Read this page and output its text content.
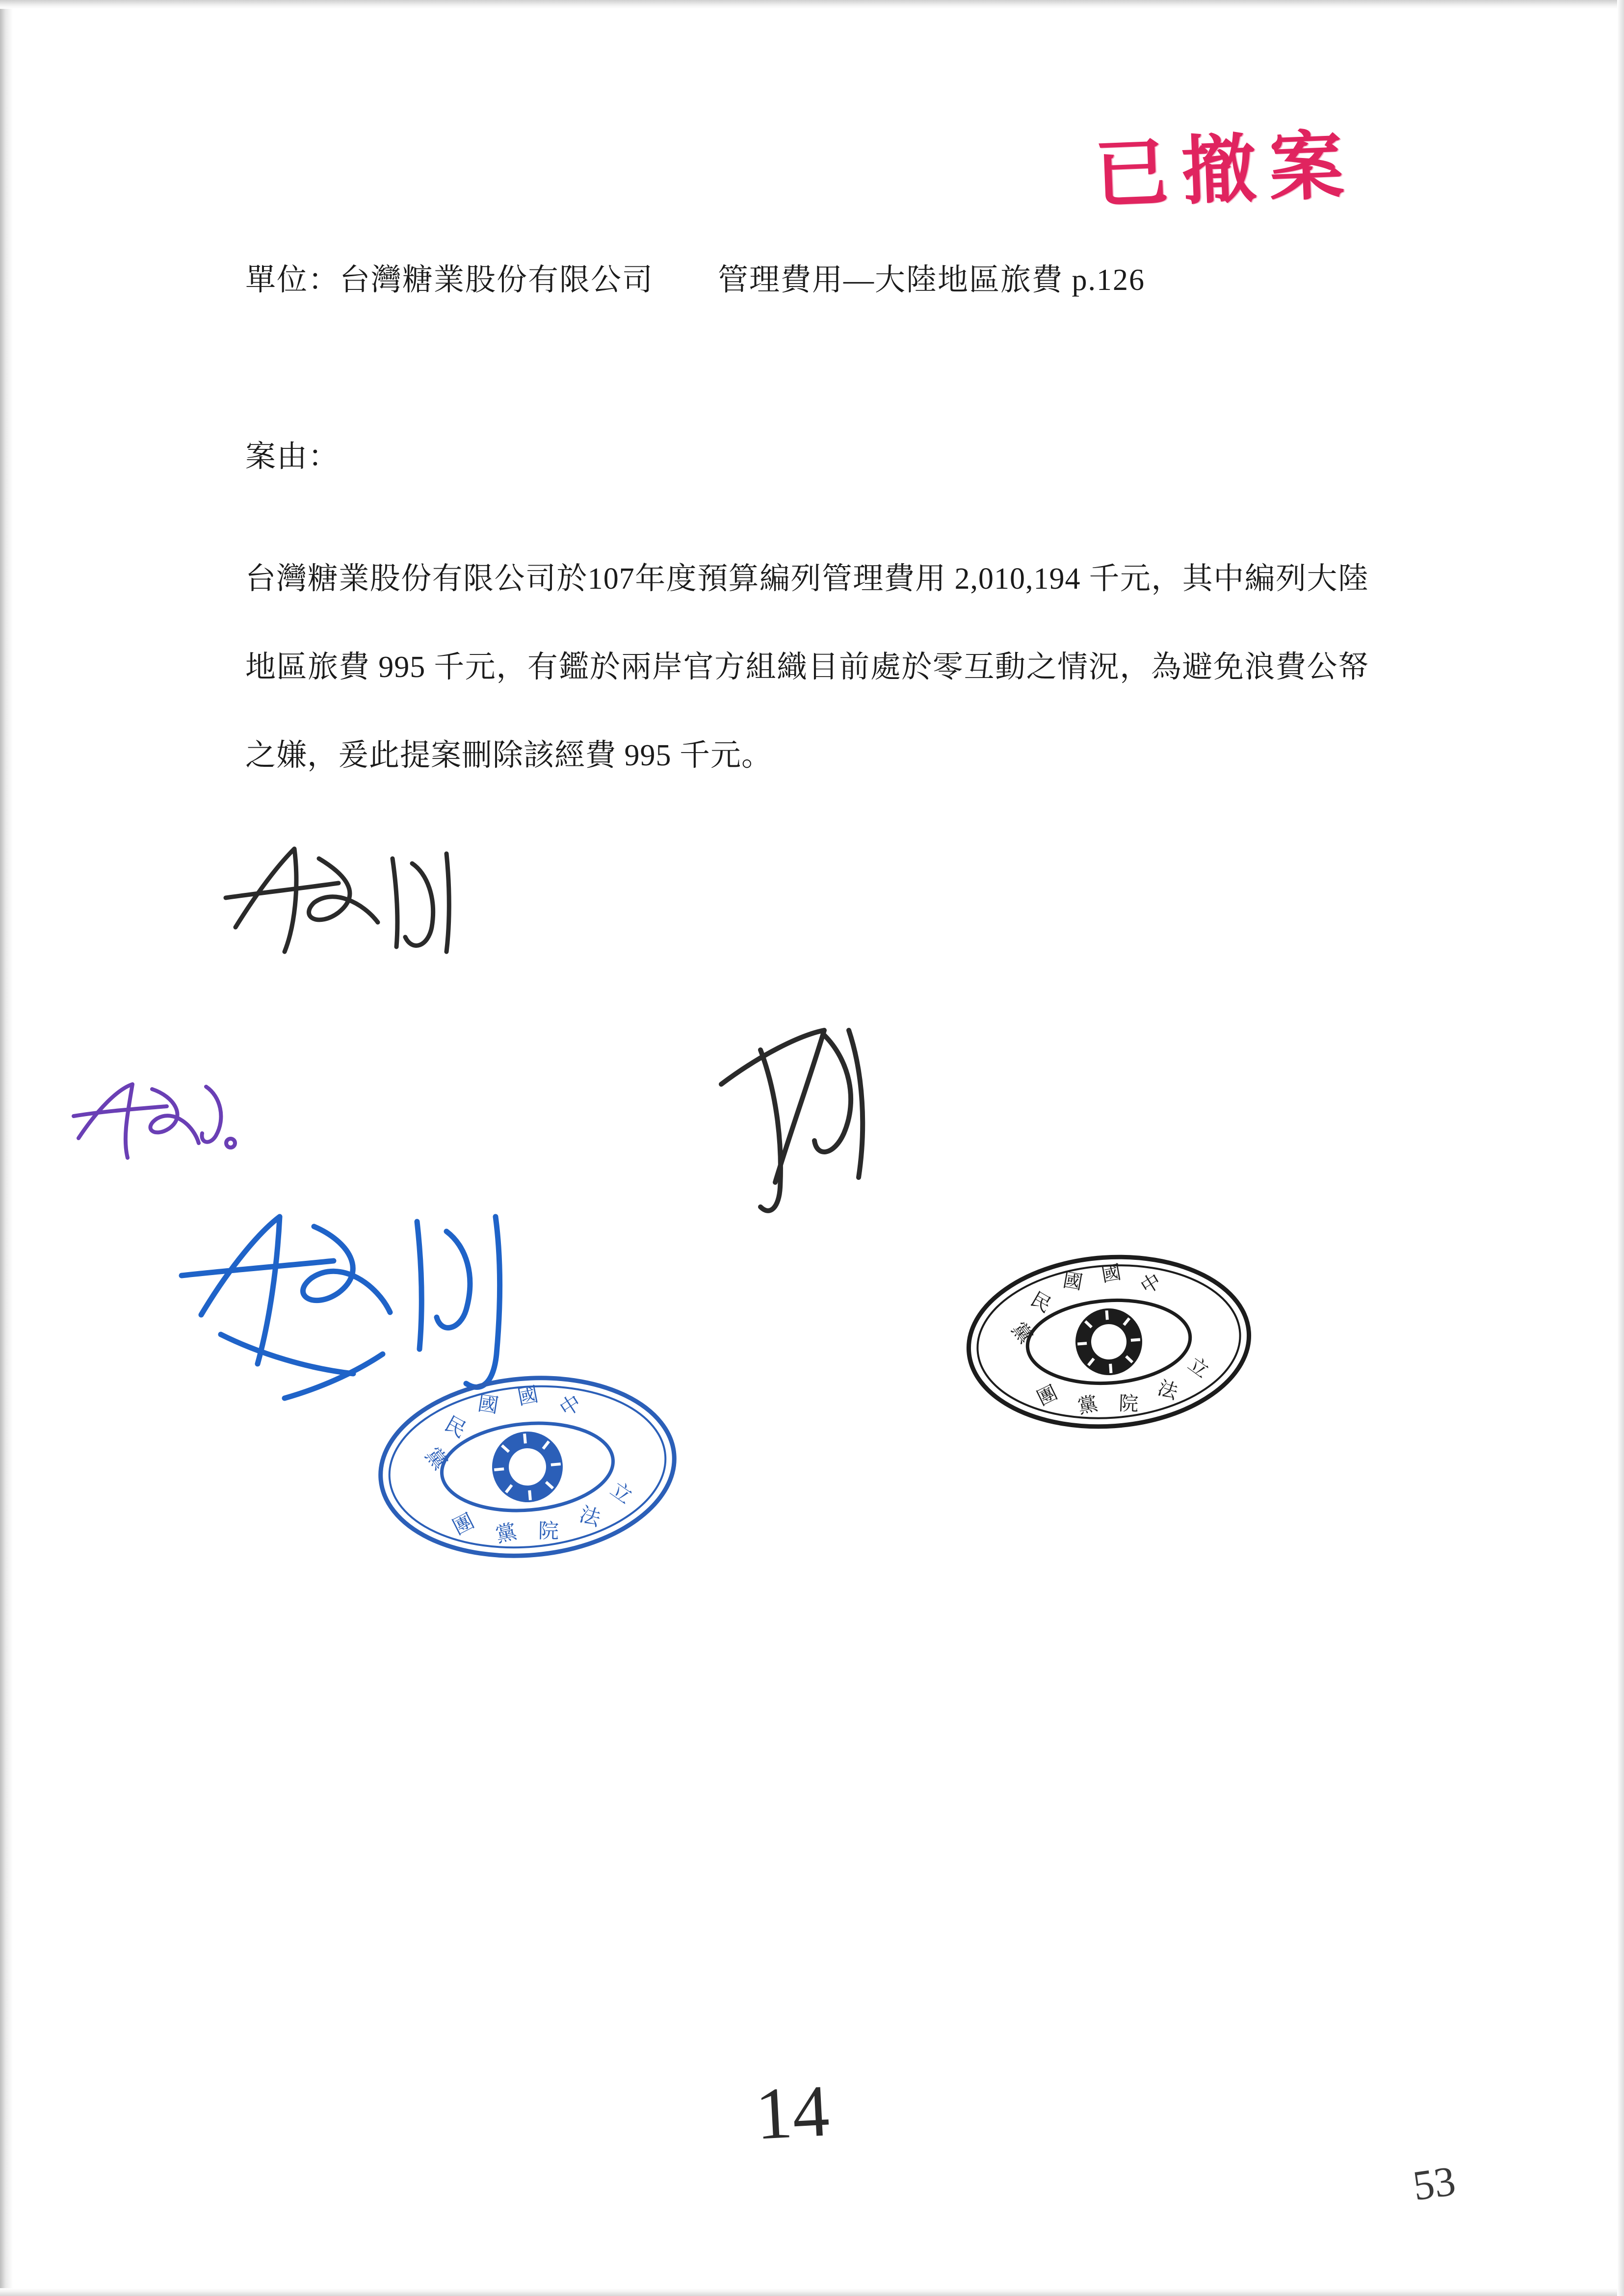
已撤案
單位：台灣糖業股份有限公司 管理費用—大陸地區旅費 p.126
案由：

台灣糖業股份有限公司於107年度預算編列管理費用 2,010,194 千元，其中編列大陸地區旅費 995 千元，有鑑於兩岸官方組織目前處於零互動之情況，為避免浪費公帑之嫌，爰此提案刪除該經費 995 千元。

中
國
國
民
黨
團 黨 院 法
立
中
國
國
民
黨
團 黨 院 法
立
14
53
